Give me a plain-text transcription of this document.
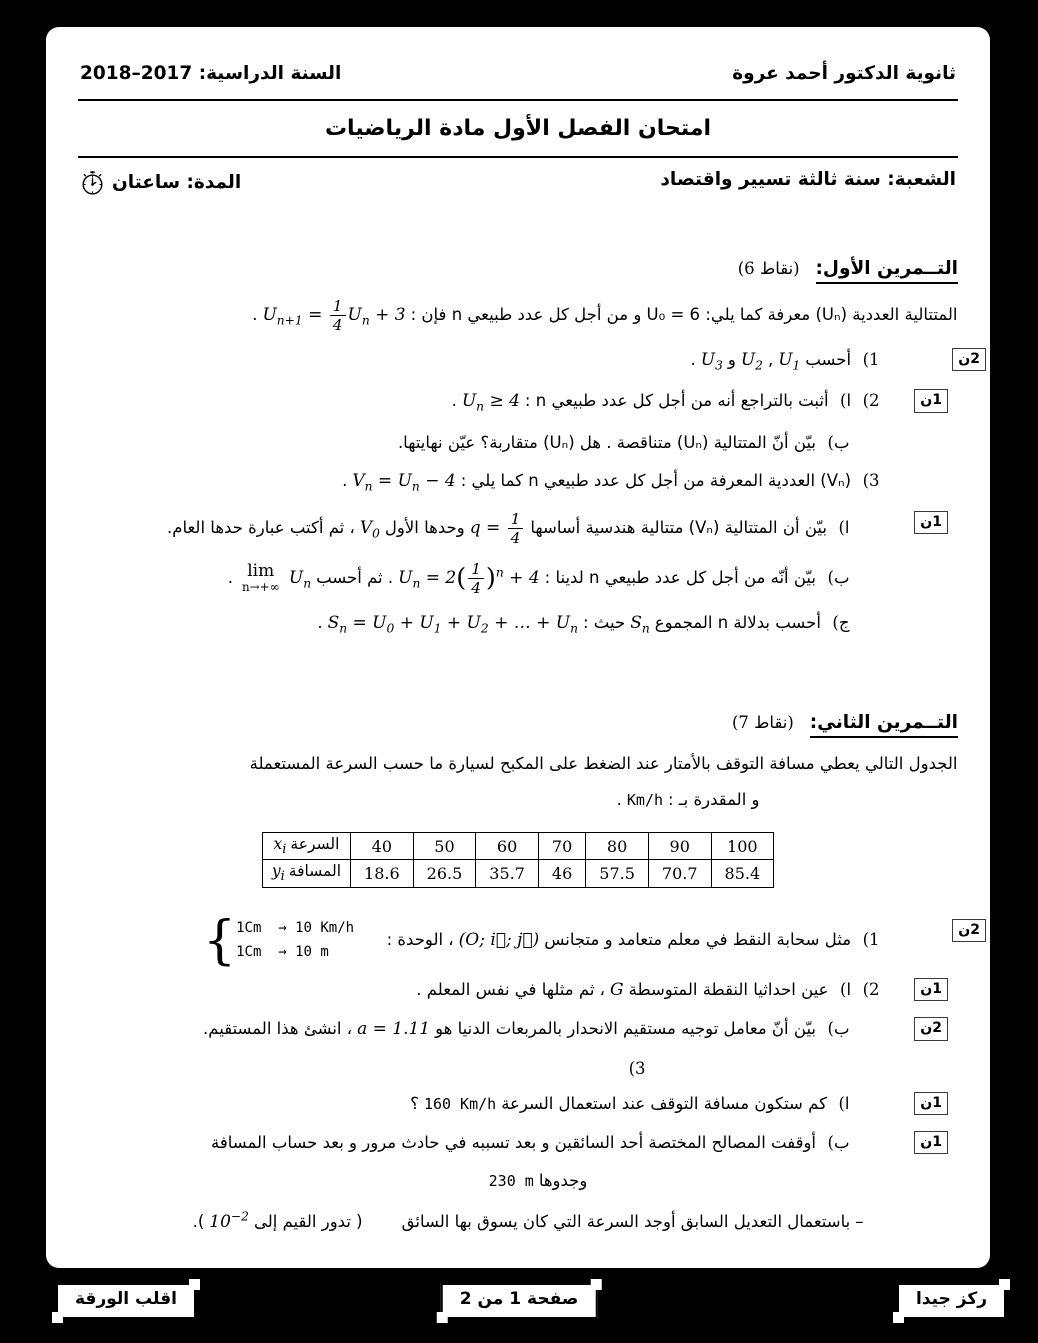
ثانوية الدكتور أحمد عروة
السنة الدراسية: 2017–2018
امتحان الفصل الأول مادة الرياضيات
الشعبة: سنة ثالثة تسيير واقتصاد
المدة: ساعتان
التــمرين الأول: (6 نقاط)
المتتالية العددية (Uₙ) معرفة كما يلي: U₀ = 6 و من أجل كل عدد طبيعي n فإن $:U_{n+1} = \frac{1}{4} U_n + 3$.
2ن
($1أحسبU_1,U_2وU_3$.
1ن
(2(اأثبت بالتراجع أنه من أجل كل عدد طبيعي n $:U_n \ge 4$.
(ببيّن أنّ المتتالية (Uₙ) متناقصة . هل (Uₙ) متقاربة؟ عيّن نهايتها.
(3(Vₙ) العددية المعرفة من أجل كل عدد طبيعي n كما يلي $:V_n = U_n - 4$.
1ن
(ابيّن أن المتتالية (Vₙ) متتالية هندسية أساسهاq = $\frac{1}{4}$
وحدها الأولV$_0$، ثم أكتب عبارة حدها العام.
(ببيّن أنّه من أجل كل عدد طبيعي n لدينا $:U_n = 2( \frac{1}{4} )^n + 4$. ثم أحسب
lim
n→+∞ $U_n$.
(جأحسب بدلالة n المجموعS$_n$حيث $:S_n = U_0 + U_1 + U_2$ + … + $U_n$.
التــمرين الثاني: (7 نقاط)
الجدول التالي يعطي مسافة التوقف بالأمتار عند الضغط على المكبح لسيارة ما حسب السرعة المستعملة
و المقدرة بـ :Km/h.
السرعةx$_i$	40	50	60	70	80	90	100
المسافةy$_i$	18.6	26.5	35.7	46	57.5	70.7	85.4
2ن
(1مثل سحابة النقط في معلم متعامد و متجانس(O; i⃗; j⃗)، الوحدة :
{ 1Cm  → 10 Km/h
1Cm  → 10 m
1ن
(2(اعين احداثيا النقطة المتوسطةG، ثم مثلها في نفس المعلم .
2ن
(ببيّن أنّ معامل توجيه مستقيم الانحدار بالمربعات الدنيا هوa = 1.11، انشئ هذا المستقيم.
(3
1ن
(اكم ستكون مسافة التوقف عند استعمال السرعة160 Km/h؟
1ن
(بأوقفت المصالح المختصة أحد السائقين و بعد تسببه في حادث مرور و بعد حساب المسافة
وجدوها230 m
–باستعمال التعديل السابق أوجد السرعة التي كان يسوق بها السائق( تدور القيم $إلى10^{-2}$).
ركز جيدا
صفحة 1 من 2
اقلب الورقة
